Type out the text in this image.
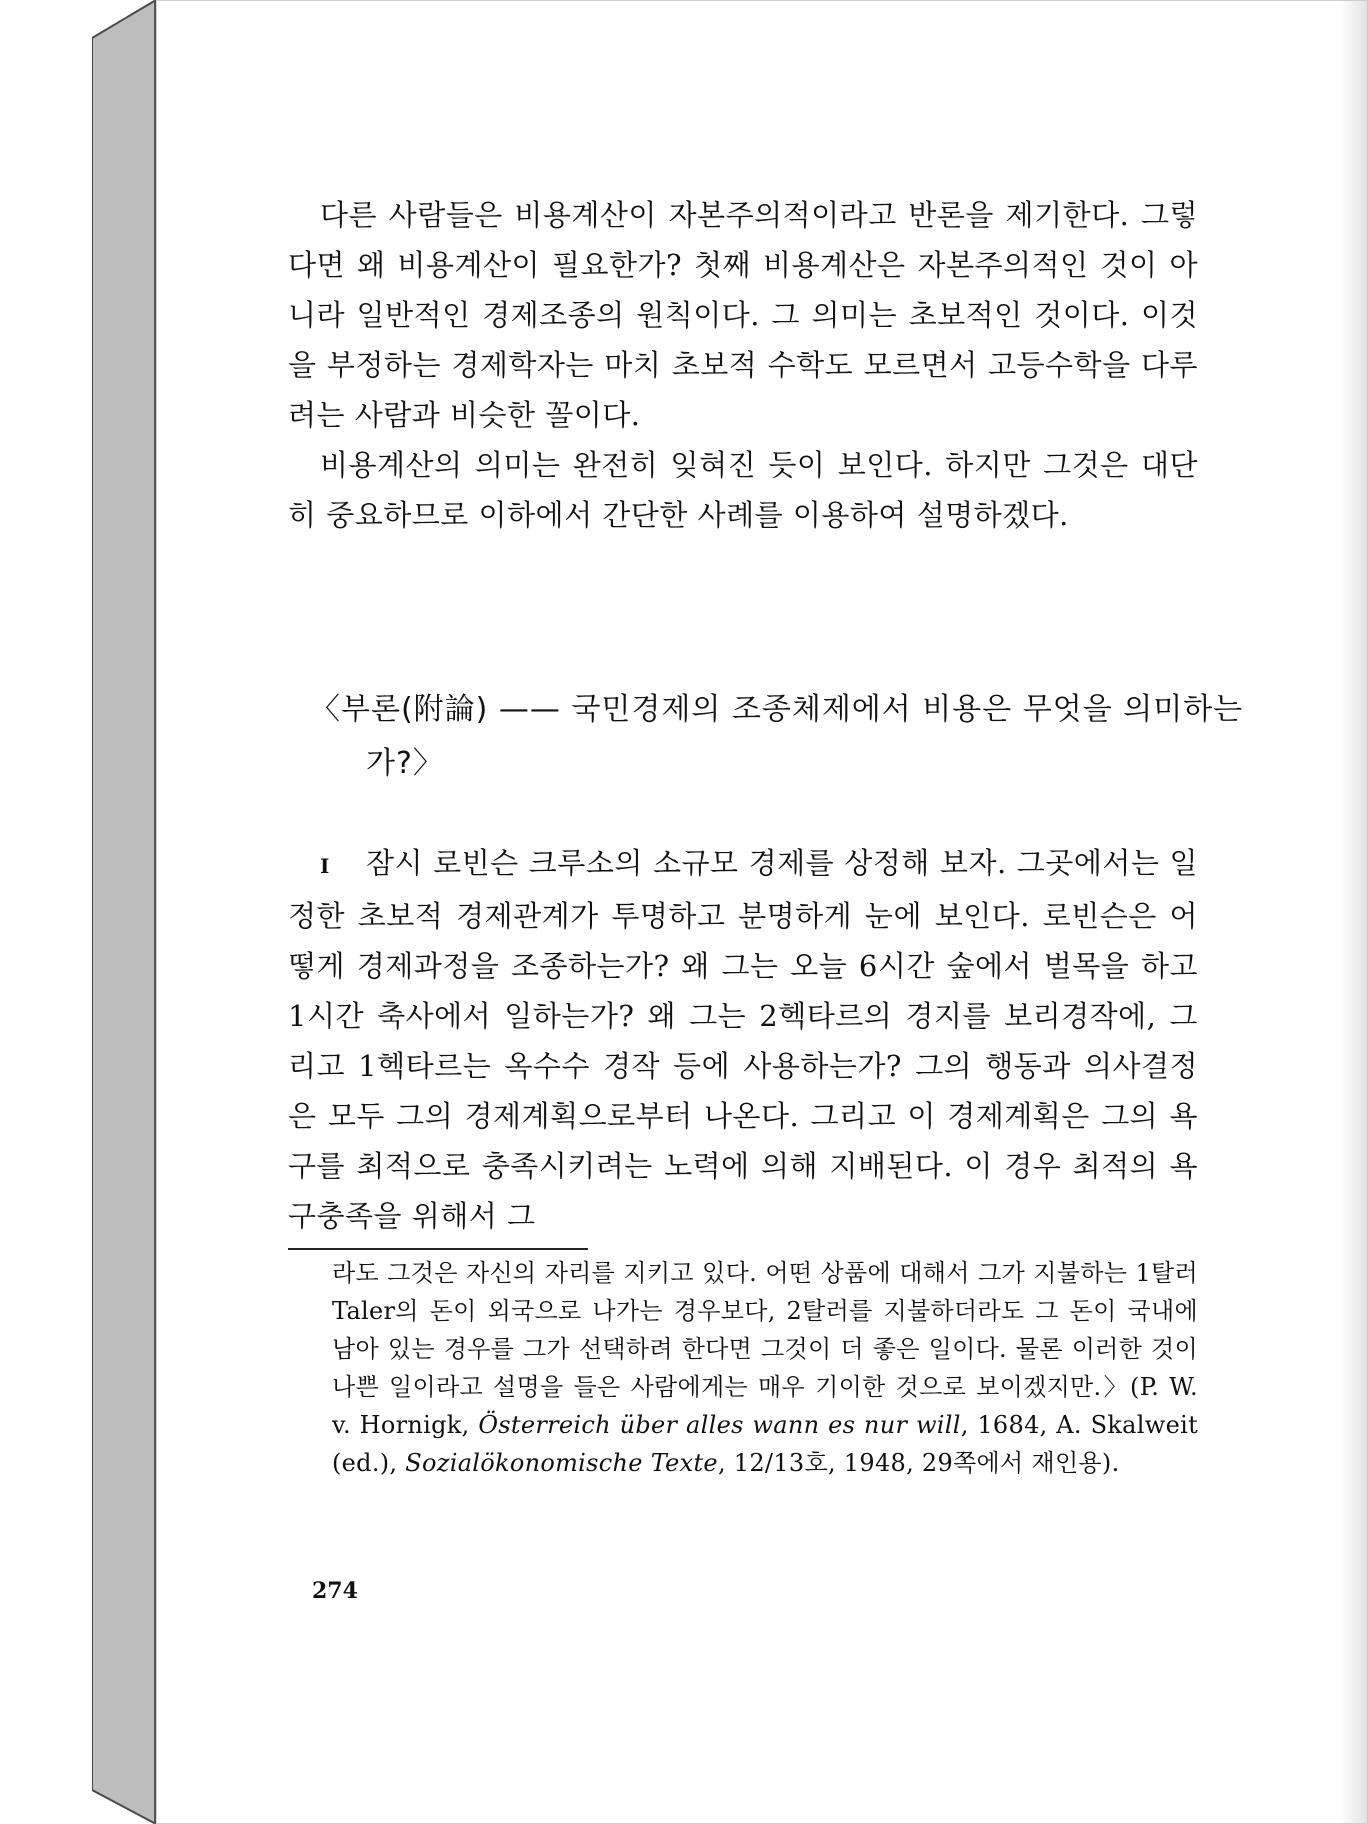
다른 사람들은 비용계산이 자본주의적이라고 반론을 제기한다. 그렇다면 왜 비용계산이 필요한가? 첫째 비용계산은 자본주의적인 것이 아니라 일반적인 경제조종의 원칙이다. 그 의미는 초보적인 것이다. 이것을 부정하는 경제학자는 마치 초보적 수학도 모르면서 고등수학을 다루려는 사람과 비슷한 꼴이다.

비용계산의 의미는 완전히 잊혀진 듯이 보인다. 하지만 그것은 대단히 중요하므로 이하에서 간단한 사례를 이용하여 설명하겠다.

〈부론(附論) —— 국민경제의 조종체제에서 비용은 무엇을 의미하는가?〉

I 잠시 로빈슨 크루소의 소규모 경제를 상정해 보자. 그곳에서는 일정한 초보적 경제관계가 투명하고 분명하게 눈에 보인다. 로빈슨은 어떻게 경제과정을 조종하는가? 왜 그는 오늘 6시간 숲에서 벌목을 하고 1시간 축사에서 일하는가? 왜 그는 2헥타르의 경지를 보리경작에, 그리고 1헥타르는 옥수수 경작 등에 사용하는가? 그의 행동과 의사결정은 모두 그의 경제계획으로부터 나온다. 그리고 이 경제계획은 그의 욕구를 최적으로 충족시키려는 노력에 의해 지배된다. 이 경우 최적의 욕구충족을 위해서 그

라도 그것은 자신의 자리를 지키고 있다. 어떤 상품에 대해서 그가 지불하는 1탈러Taler의 돈이 외국으로 나가는 경우보다, 2탈러를 지불하더라도 그 돈이 국내에 남아 있는 경우를 그가 선택하려 한다면 그것이 더 좋은 일이다. 물론 이러한 것이 나쁜 일이라고 설명을 들은 사람에게는 매우 기이한 것으로 보이겠지만.〉(P. W. v. Hornigk, Österreich über alles wann es nur will, 1684, A. Skalweit (ed.), Sozialökonomische Texte, 12/13호, 1948, 29쪽에서 재인용).

274
